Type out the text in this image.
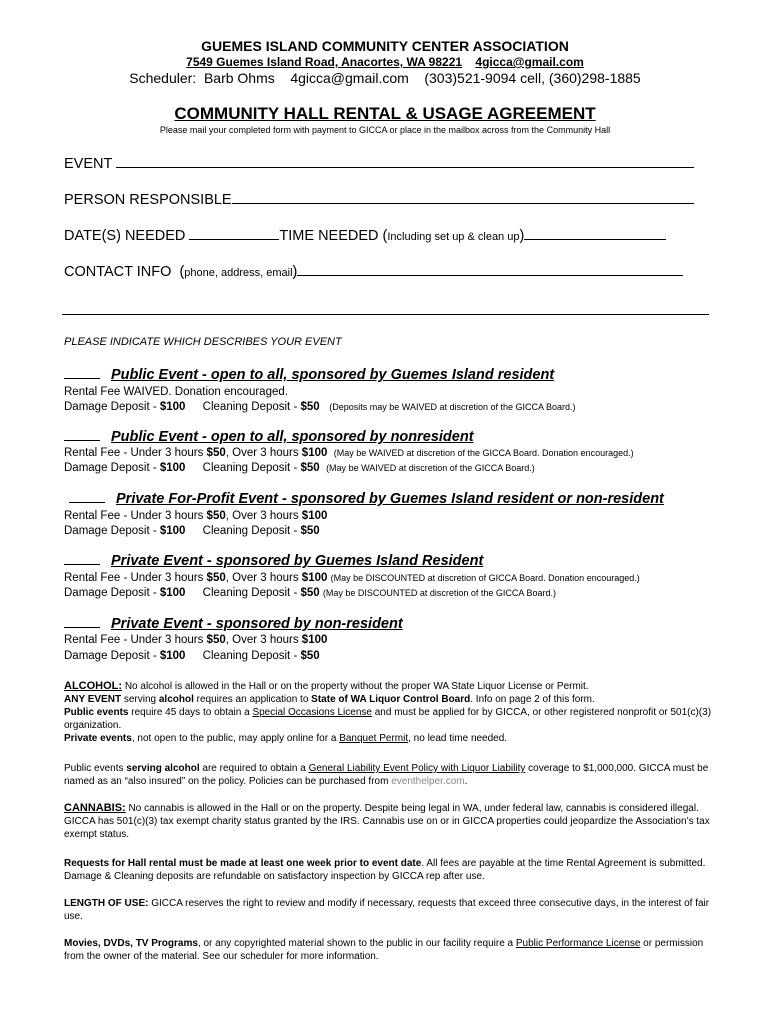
GUEMES ISLAND COMMUNITY CENTER ASSOCIATION
7549 Guemes Island Road, Anacortes, WA 98221 4gicca@gmail.com
Scheduler:  Barb Ohms    4gicca@gmail.com    (303)521-9094 cell, (360)298-1885
COMMUNITY HALL RENTAL & USAGE AGREEMENT
Please mail your completed form with payment to GICCA or place in the mailbox across from the Community Hall
EVENT
PERSON RESPONSIBLE
DATE(S) NEEDED	TIME NEEDED ( Including set up & clean up )
CONTACT INFO  ( phone, address, email )
PLEASE INDICATE WHICH DESCRIBES YOUR EVENT
Public Event - open to all, sponsored by Guemes Island resident
Rental Fee WAIVED. Donation encouraged.
Damage Deposit - $100 Cleaning Deposit - $50 (Deposits may be WAIVED at discretion of the GICCA Board.)
Public Event - open to all, sponsored by nonresident
Rental Fee - Under 3 hours $50, Over 3 hours $100 (May be WAIVED at discretion of the GICCA Board. Donation encouraged.)
Damage Deposit - $100 Cleaning Deposit - $50 (May be WAIVED at discretion of the GICCA Board.)
Private For-Profit Event - sponsored by Guemes Island resident or non-resident
Rental Fee - Under 3 hours $50, Over 3 hours $100
Damage Deposit - $100 Cleaning Deposit - $50
Private Event - sponsored by Guemes Island Resident
Rental Fee - Under 3 hours $50, Over 3 hours $100 (May be DISCOUNTED at discretion of GICCA Board. Donation encouraged.)
Damage Deposit - $100 Cleaning Deposit - $50 (May be DISCOUNTED at discretion of the GICCA Board.)
Private Event - sponsored by non-resident
Rental Fee - Under 3 hours $50, Over 3 hours $100
Damage Deposit - $100 Cleaning Deposit - $50
ALCOHOL: No alcohol is allowed in the Hall or on the property without the proper WA State Liquor License or Permit.
ANY EVENT serving alcohol requires an application to State of WA Liquor Control Board. Info on page 2 of this form.
Public events require 45 days to obtain a Special Occasions License and must be applied for by GICCA, or other registered nonprofit or 501(c)(3) organization.
Private events, not open to the public, may apply online for a Banquet Permit, no lead time needed.
Public events serving alcohol are required to obtain a General Liability Event Policy with Liquor Liability coverage to $1,000,000. GICCA must be named as an “also insured” on the policy. Policies can be purchased from eventhelper.com.
CANNABIS: No cannabis is allowed in the Hall or on the property. Despite being legal in WA, under federal law, cannabis is considered illegal. GICCA has 501(c)(3) tax exempt charity status granted by the IRS. Cannabis use on or in GICCA properties could jeopardize the Association’s tax exempt status.
Requests for Hall rental must be made at least one week prior to event date. All fees are payable at the time Rental Agreement is submitted. Damage & Cleaning deposits are refundable on satisfactory inspection by GICCA rep after use.
LENGTH OF USE: GICCA reserves the right to review and modify if necessary, requests that exceed three consecutive days, in the interest of fair use.
Movies, DVDs, TV Programs, or any copyrighted material shown to the public in our facility require a Public Performance License or permission from the owner of the material. See our scheduler for more information.
